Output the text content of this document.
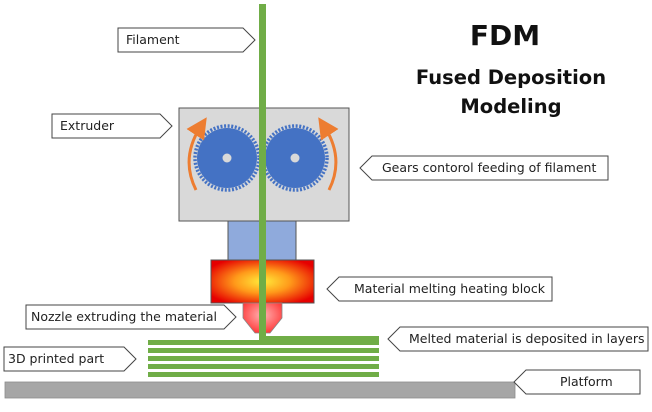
FDM
Fused Deposition
Modeling
Filament
Extruder
Gears contorol feeding of filament
Material melting heating block
Nozzle extruding the material
Melted material is deposited in layers
3D printed part
Platform
